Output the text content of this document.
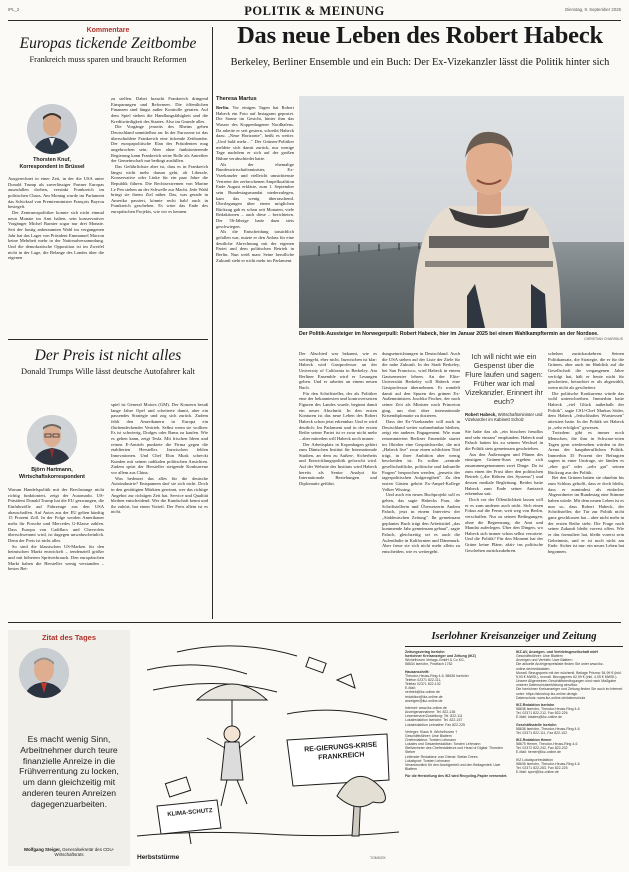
IPL_2	POLITIK & MEINUNG	Dienstag, 9. September 2025
Kommentare
Europas tickende Zeitbombe
Frankreich muss sparen und braucht Reformen
Thorsten Knuf,
Korrespondent in Brüssel

Ausgerechnet in einer Zeit, in der die USA unter Donald Trump als zuverlässiger Partner Europas auszufallen drohen, versinkt Frankreich im politischen Chaos. Am Montag wurde im Parlament das Schicksal von Premierminister François Bayrou besiegelt.

Der Zentrumspolitiker konnte sich nicht einmal neun Monate im Amt halten, sein konservativer Vorgänger Michel Barnier sogar nur drei Monate. Seit der hastig anberaumten Wahl im vergangenen Jahr hat das Lager von Präsident Emmanuel Macron keine Mehrheit mehr in der Nationalversammlung. Und die demokratische Opposition ist im Zweifel nicht in der Lage, die Belange des Landes über die eigenen

zu stellen. Dabei braucht Frankreich dringend Einsparungen und Reformen. Die öffentlichen Finanzen sind längst außer Kontrolle geraten. Auf dem Spiel stehen die Handlungsfähigkeit und die Kreditwürdigkeit des Staates. Also im Grunde alles.

Die Vorgänge jenseits des Rheins gehen Deutschland unmittelbar an: In der Eurozone ist das überschuldete Frankreich eine tickende Zeitbombe. Der europapolitische Elan des Präsidenten mag ungebrochen sein. Aber ohne funktionierende Regierung kann Frankreich seine Rolle als Antreiber der Gemeinschaft nur bedingt ausfüllen.

Das Gefährlichste aber ist, dass es in Frankreich längst nicht mehr darum geht, ob Liberale, Konservative oder Linke für ein paar Jahre die Republik führen. Die Rechtsextremen von Marine Le Pen stehen an der Schwelle zur Macht. Jede Wahl bringt sie ihrem Ziel näher. Das, was gerade in Amerika passiert, könnte recht bald auch in Frankreich geschehen. Es wäre das Ende des europäischen Projekts, wie wir es kennen.

Der Preis ist nicht alles
Donald Trumps Wille lässt deutsche Autofahrer kalt
Björn Hartmann,
Wirtschaftskorrespondent

Warum Handelspolitik mit der Brechstange nicht richtig funktioniert, zeigt der Automarkt. US-Präsident Donald Trump hat die EU gezwungen, die Einfuhrzölle auf Fahrzeuge aus den USA abzuschaffen. Auf Autos aus der EU gelten künftig 15 Prozent Zoll. In der Folge werden Amerikaner mehr für Porsche und Mercedes G-Klasse zahlen. Dass Europa von Cadillacs und Chevrolets überschwemmt wird, ist dagegen unwahrscheinlich. Denn der Preis ist nicht alles.

So sind die klassischen US-Marken für den heimischen Markt entwickelt – tendenziell größer und mit höherem Spritverbrauch. Den europäischen Markt haben die Hersteller wenig verstanden – bestes Bei-

spiel ist General Motors (GM). Der Konzern besaß lange Jahre Opel und scheiterte damit, aber ein passendes Strategie und zog sich zurück. Zudem fehlt den Amerikanern in Europa ein flächendeckender Vertrieb. Selbst wenn sie wollten: Es ist schwierig, Dodges oder Rams zu kaufen. Wie es gehen kann, zeigt Tesla. Mit frischen Ideen und reinen E-Antrieb punktete die Firma gegen die etablierten Hersteller. Inzwischen fehlen Innovationen. Und Chef Elon Musk schreckt Kunden mit seinen radikalen politischen Ansichten. Zudem spürt der Hersteller steigende Konkurrenz vor allem aus China.

Was bedeutet das alles für die deutsche Autoindustrie? Entspannen darf sie sich nicht. Doch in den gesättigten Märkten gewinnt, wer das richtige Angebot zur richtigen Zeit hat. Service und Qualität bleiben entscheidend. Wer die Kundschaft kennt und ihr zuhört, hat einen Vorteil. Der Preis allein ist es nicht.

Das neue Leben des Robert Habeck
Berkeley, Berliner Ensemble und ein Buch: Der Ex-Vizekanzler lässt die Politik hinter sich
Theresa Martus

Berlin. Vor einigen Tagen hat Robert Habeck ein Foto auf Instagram gepostet. Die Sonne im Gesicht, hinter ihm das Wasser des Koppenhagener Nordhafens. Da arbeite er seit gestern, schreibt Habeck dazu. „Neue Horizonte", heißt es weiter. „Und bald mehr…" Der Grünen-Politiker meldete sich damit zurück, nur wenige Tage nachdem er sich auf der großen Bühne verabschiedet hatte.

Als der ehemalige Bundeswirtschaftsminister, Ex-Vizekanzler und vielleicht umstrittenste Vertreter der zerbrochenen Ampelkoalition Ende August erklärte, zum 1. September sein Bundestagsmandat niederzulegen, kam das wenig überraschend. Überlegungen über einen möglichen Rückzug gab es schon seit Monaten, viele Redaktionen – auch diese – berichteten. Der 56-Jährige hatte dazu stets geschwiegen.

Als die Entscheidung tatsächlich gefallen war, nutzte er den Anlass für eine deutliche Abrechnung mit der eigenen Partei und dem politischen Betrieb in Berlin. Nun weiß man: Seine berufliche Zukunft sieht er nicht mehr im Parlament.

Der Politik-Aussteiger im Norwegerpulli: Robert Habeck, hier im Januar 2025 bei einem Wahlkampftermin an der Nordsee.
CHRISTIAN CHARISIUS

Der Abschied war bekannt, wie es weitergeht, eher nicht. Inzwischen ist klar: Habeck wird Gastprofessor an der University of California in Berkeley. Am Berliner Ensemble wird er Lesungen geben. Und er arbeitet an einem neuen Buch.

Für den Schriftsteller, der als Politiker eine der bekanntesten und kontroversesten Figuren des Landes wurde, beginnt damit ein neuer Abschnitt. In den ersten Konturen ist das neue Leben des Robert Habeck schon jetzt erkennbar. Und er wird deutlich: Im Parlament und in der ersten Reihe seiner Partei ist er zwar nicht mehr – aber mitreden will Habeck noch immer.

Der Arbeitsplatz in Kopenhagen gehört zum Dänischen Institut für Internationale Studien, an dem zu Außen-, Sicherheits und Entwicklungspolitik geforscht wird. Auf der Website des Instituts wird Habeck bereits als Senior Analyst für Internationale Beziehungen und Diplomatie geführt.

dungseinrichtungen in Deutschland. Auch die USA stehen auf der Liste der Ziele für die nahe Zukunft. In der Stadt Berkeley, bei San Francisco, wird Habeck in einem Gastsemester lehren. An der Elite-Universität Berkeley will Habeck eine Gastprofessur übernehmen. Er wandelt damit auf den Spuren des grünen Ex-Außenministers Joschka Fischer, der nach seiner Zeit als Minister nach Princeton ging, um dort über internationale Krisendiplomatie zu dozieren.

Dass der Ex-Vizekanzler will auch in Deutschland weiter wahrnehmbar bleiben, zeigt ein anderes Engagement. Wie man renommierten Berliner Ensemble startet im Oktober eine Gesprächsreihe, die mit „Habeck live" zwar einen schlichten Titel trägt, in ihrer Ambition aber wenig bescheiden ist. Es sollen „zentrale gesellschaftliche, politische und kulturelle Fragen" besprochen werden, „jenseits der tagespolitischen Aufgeregtheit". Zu den ersten Gästen gehört Ex-Ampel-Kollege Volker Wissing.

Und auch ein neues Buchprojekt soll es geben, das sagte Habecks Frau, die Schriftstellerin und Übersetzerin Andrea Paluch, jetzt in einem Interview der „Süddeutschen Zeitung". Ihr gemeinsam geplantes Buch trägt den Arbeitstitel „das kommende Jahr gemeinsam gebaut", sagte Paluch, gleichzeitig sei es auch die Aufenthalte in Kalifornien und Dänemark. Aber freue sie sich nicht mehr allein zu entscheiden, wie es weitergeht.

Ich will nicht wie ein Gespenst über die Flure laufen und sagen: Früher war ich mal Vizekanzler. Erinnert ihr euch?
Robert Habeck, Wirtschaftsminister und Vizekanzler im Kabinett Scholz

Sie habe das als „ein bisschen freudlos und sehr einsam" empfunden. Habeck und Paluch hatten bis zu seinem Wechsel in die Politik stets gemeinsam geschrieben.

Aus den Äußerungen und Plänen des einstigen Grünen-Stars ergeben sich zusammengenommen zwei Dinge: Da ist zum einen der Frust über den politischen Betrieb („die Röhren des Systems") und dessen mediale Begleitung. Beides hatte Habeck zum Ende seiner Amtszeit erkennbar satt.

Doch vor der Öffentlichkeit lassen will er es zum anderen auch nicht. Sich einen Fokus auf die Ferne, weit weg von Berlin, verschaffen. Nur zu seinen Bedingungen, ohne die Begrenzung, die Amt und Mandat auferlegen. Über den Dingen, wo Habeck sich immer schon selbst verortete. Und die Politik? Für den Moment hat der Grüne keine Pläne, aktiv ins politische Geschehen zurückzukehren.

schehen zurückzukehren. Seinen Politikansatz, die Strategie, die er für die Grünen, aber auch im Hinblick auf die Gesellschaft die vergangenen Jahre verfolgt hat, hält er heute nicht für gescheitert, betrachtet er als abgewählt, wenn nicht als gescheitert.

Die politische Konkurrenz würde das wohl unterschreiben. Immerhin hatte Habeck „viel Glück außerhalb der Politik", sagte CSU-Chef Markus Söder, dem Habeck „fetischhaftes Wurstessen" attestiert hatte. In der Politik sei Habeck ja „sehr erfolglos" gewesen.

Trotzdem gibt es immer noch Menschen, die ihm in Schwarz-roten Tagen gern wiedersehen würden in der Arena der hauptberuflichen Politik. Immerhin 35 Prozent der Befragten sagten in einer Umfrage, sie fänden es „eher gut" oder „sehr gut" seinen Rückzug aus der Politik.

Bei den Grünen hatten sie ohnehin bis zum Schluss gehofft, dass er doch bleibt, dass er zumindest als einfacher Abgeordneter im Bundestag eine Stimme haben würde. Mit dem neuen Leben ist es nun so, dass Robert Habeck, der Schriftsteller, die Tür zur Politik nicht ganz geschlossen hat – aber nicht mehr in der ersten Reihe steht. Die Frage nach seiner Zukunft bleibt vorerst offen. Wie er das formuliert hat, bleibt vorerst sein Geheimnis, und er ist noch nicht am Ende. Sicher ist nur: ein neues Leben hat begonnen.

Zitat des Tages
Es macht wenig Sinn, Arbeitnehmer durch teure finanzielle Anreize in die Frühverrentung zu locken, um dann gleichzeitig mit anderen teuren Anreizen dagegenzuarbeiten.
Wolfgang Steiger, Generalsekretär des CDU-Wirtschaftsrats
RE-GIERUNGS-KRISE FRANKREICH
KLIMA-SCHUTZ
Herbststürme	TOMICEK
Iserlohner Kreisanzeiger und Zeitung
Zeitungsverlag Iserlohn
Iserlohner Kreisanzeiger und Zeitung (IKZ)
Wichelhoven Verlags-GmbH & Co KG,
58634 Iserlohn, Postfach 1762
Hausanschrift:
Theodor-Heuss-Ring 4-6, 58636 Iserlohn
Telefon 02371 822-111,
Telefax 02371 822-102
E-Mail:
vertrieb@ikz-online.de
redaktion@ikz-online.de
anzeigen@ikz-online.de
Internet: www.ikz-online.de
Anzeigenannahme: Tel. 822-136
Leserservice/Zustellung: Tel. 822-111
Lokalredaktion Iserlohn: Tel. 822-157
Lokalredaktion Letmathe: Fax 822-225
Verleger: Klaus H. Wichelhoven †
Geschäftsführer: Uwe Blattern
Chefredakteur: Torsten Lehmann
Lokales und Gesamtredaktion: Torsten Lehmann
Stellvertreter des Chefredakteurs und Head of Digital: Thorsten Steber
Leitender Redakteur vom Dienst: Stefan Drees
Lokalsport: Torsten Lehmann
Verantwortlich für den Anzeigenteil und den Beilagenteil: Uwe Blattern
Für die Herstellung des IKZ wird Recycling-Papier verwendet.
IKZ-AV, Anzeigen- und Vertriebsgesellschaft mbH
Geschäftsführer: Uwe Blattern
Anzeigen und Vertrieb: Uwe Blattern
Die aktuelle Anzeigenpreisliste finden Sie unter www.ikz-online.de/mediadaten.
Monatl. Bezugspreis mit der wöchentl. Beilage Prisma: 54,99 € (inkl. 5,90 € MWSt.), monatl. Bezugspreis 62,99 € (inkl. 4,05 € MWSt.).
Unsere Allgemeinen Geschäftsbedingungen sind nach Maßgabe unserer Datenschutzerklärung abrufbar.
Die Iserlohner Kreisanzeiger und Zeitung finden Sie auch im Internet unter: https://aboshop.ikz-online.de/agb
Datenschutz: www.ikz-online.de/datenschutz
IKZ-Redaktion Iserlohn
58636 Iserlohn, Theodor-Heuss-Ring 4-6
Tel. 02371 822-212, Fax 822-226
E-Mail: lokales@ikz-online.de
Geschäftsstelle Iserlohn
58636 Iserlohn, Theodor-Heuss-Ring 4-6
Tel. 02371 822-111, Fax 822-102
IKZ-Redaktion Hemer
58675 Hemer, Theodor-Heuss-Ring 4-6
Tel. 02372 822-242, Fax 822-232
E-Mail: hemer@ikz-online.de
IKZ Lokalsportredaktion
58636 Iserlohn, Theodor-Heuss-Ring 4-6
Tel. 02371 822-263, Fax 822-225
E-Mail: sport@ikz-online.de
